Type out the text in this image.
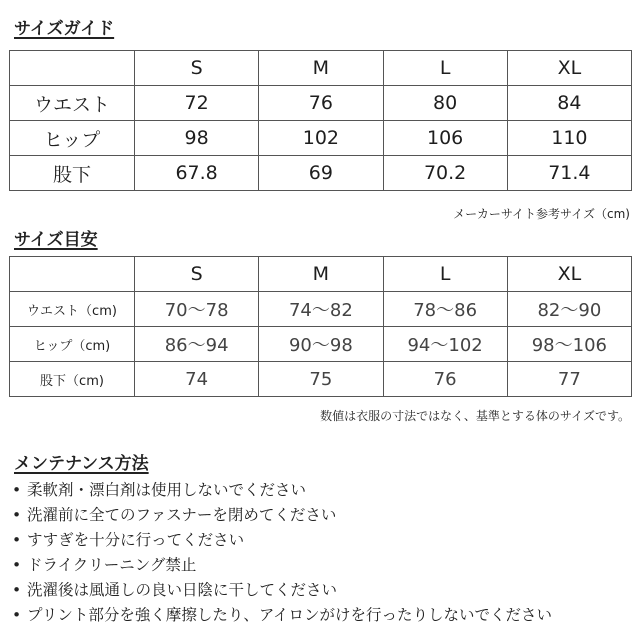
サイズガイド
	S	M	L	XL
ウエスト	72	76	80	84
ヒップ	98	102	106	110
股下	67.8	69	70.2	71.4
メーカーサイト参考サイズ（cm)
サイズ目安
	S	M	L	XL
ウエスト（cm)	70～78	74～82	78～86	82～90
ヒップ（cm)	86～94	90～98	94～102	98～106
股下（cm)	74	75	76	77
数値は衣服の寸法ではなく、基準とする体のサイズです。
メンテナンス方法
• 柔軟剤・漂白剤は使用しないでください
• 洗濯前に全てのファスナーを閉めてください
• すすぎを十分に行ってください
• ドライクリーニング禁止
• 洗濯後は風通しの良い日陰に干してください
• プリント部分を強く摩擦したり、アイロンがけを行ったりしないでください
